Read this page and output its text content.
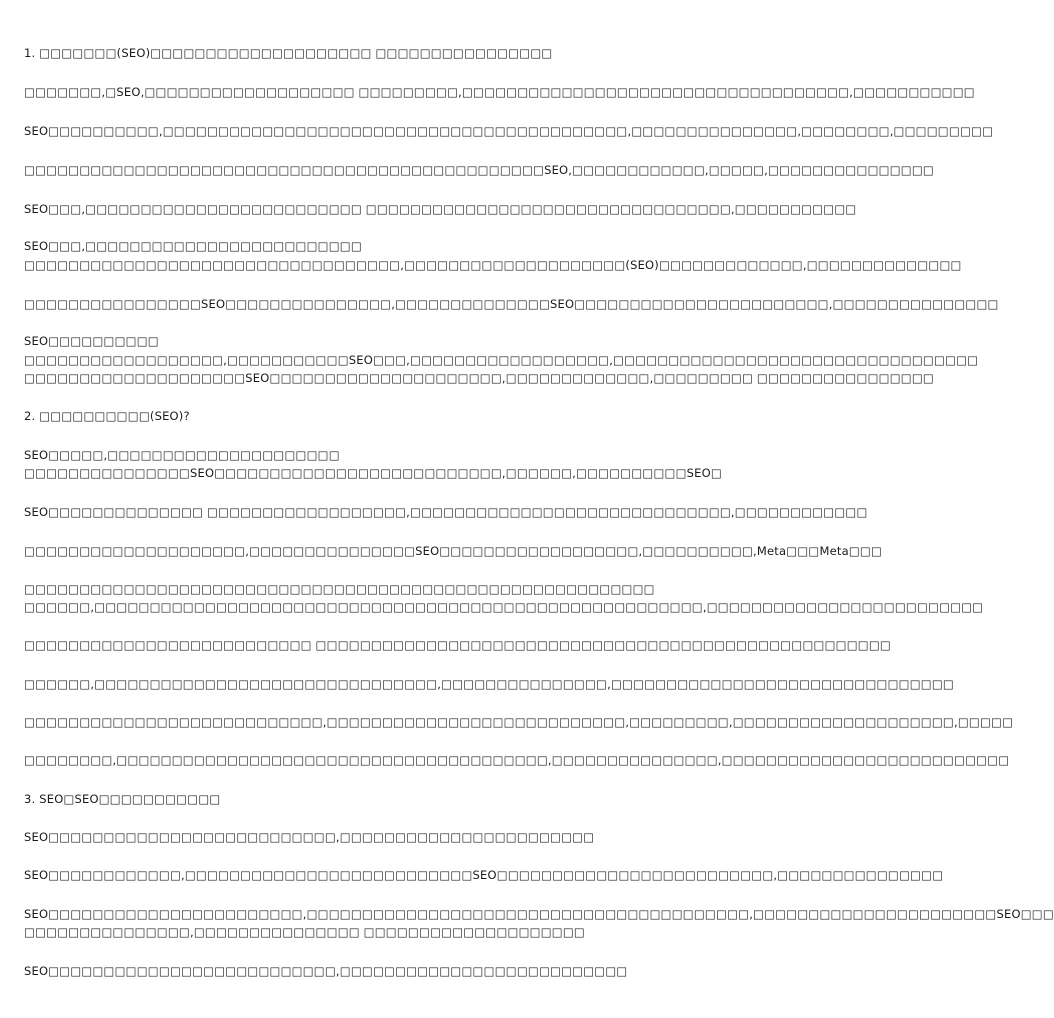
1. □□□□□□□(SEO)□□□□□□□□□□□□□□□□□□□□ □□□□□□□□□□□□□□□□
□□□□□□□,□SEO,□□□□□□□□□□□□□□□□□□□ □□□□□□□□□,□□□□□□□□□□□□□□□□□□□□□□□□□□□□□□□□□□□,□□□□□□□□□□□
SEO□□□□□□□□□□,□□□□□□□□□□□□□□□□□□□□□□□□□□□□□□□□□□□□□□□□□□,□□□□□□□□□□□□□□□,□□□□□□□□,□□□□□□□□□
□□□□□□□□□□□□□□□□□□□□□□□□□□□□□□□□□□□□□□□□□□□□□□□SEO,□□□□□□□□□□□□,□□□□□,□□□□□□□□□□□□□□□
SEO□□□,□□□□□□□□□□□□□□□□□□□□□□□□□ □□□□□□□□□□□□□□□□□□□□□□□□□□□□□□□□□,□□□□□□□□□□□
SEO□□□,□□□□□□□□□□□□□□□□□□□□□□□□□
□□□□□□□□□□□□□□□□□□□□□□□□□□□□□□□□□□,□□□□□□□□□□□□□□□□□□□□(SEO)□□□□□□□□□□□□□,□□□□□□□□□□□□□□
□□□□□□□□□□□□□□□□SEO□□□□□□□□□□□□□□□,□□□□□□□□□□□□□□SEO□□□□□□□□□□□□□□□□□□□□□□□,□□□□□□□□□□□□□□□
SEO□□□□□□□□□□
□□□□□□□□□□□□□□□□□□,□□□□□□□□□□□SEO□□□,□□□□□□□□□□□□□□□□□□,□□□□□□□□□□□□□□□□□□□□□□□□□□□□□□□□□
□□□□□□□□□□□□□□□□□□□□SEO□□□□□□□□□□□□□□□□□□□□□,□□□□□□□□□□□□□,□□□□□□□□□ □□□□□□□□□□□□□□□□
2. □□□□□□□□□□(SEO)?
SEO□□□□□,□□□□□□□□□□□□□□□□□□□□□
□□□□□□□□□□□□□□□SEO□□□□□□□□□□□□□□□□□□□□□□□□□□,□□□□□□,□□□□□□□□□□SEO□
SEO□□□□□□□□□□□□□□ □□□□□□□□□□□□□□□□□□,□□□□□□□□□□□□□□□□□□□□□□□□□□□□□,□□□□□□□□□□□□
□□□□□□□□□□□□□□□□□□□□,□□□□□□□□□□□□□□□SEO□□□□□□□□□□□□□□□□□□,□□□□□□□□□□,Meta□□□Meta□□□
□□□□□□□□□□□□□□□□□□□□□□□□□□□□□□□□□□□□□□□□□□□□□□□□□□□□□□□□□
□□□□□□,□□□□□□□□□□□□□□□□□□□□□□□□□□□□□□□□□□□□□□□□□□□□□□□□□□□□□□□,□□□□□□□□□□□□□□□□□□□□□□□□□
□□□□□□□□□□□□□□□□□□□□□□□□□□ □□□□□□□□□□□□□□□□□□□□□□□□□□□□□□□□□□□□□□□□□□□□□□□□□□□□
□□□□□□,□□□□□□□□□□□□□□□□□□□□□□□□□□□□□□□,□□□□□□□□□□□□□□□,□□□□□□□□□□□□□□□□□□□□□□□□□□□□□□□
□□□□□□□□□□□□□□□□□□□□□□□□□□□,□□□□□□□□□□□□□□□□□□□□□□□□□□□,□□□□□□□□□,□□□□□□□□□□□□□□□□□□□□,□□□□□
□□□□□□□□,□□□□□□□□□□□□□□□□□□□□□□□□□□□□□□□□□□□□□□□,□□□□□□□□□□□□□□□,□□□□□□□□□□□□□□□□□□□□□□□□□□
3. SEO□SEO□□□□□□□□□□□
SEO□□□□□□□□□□□□□□□□□□□□□□□□□□,□□□□□□□□□□□□□□□□□□□□□□□
SEO□□□□□□□□□□□□,□□□□□□□□□□□□□□□□□□□□□□□□□□SEO□□□□□□□□□□□□□□□□□□□□□□□□□,□□□□□□□□□□□□□□□
SEO□□□□□□□□□□□□□□□□□□□□□□□,□□□□□□□□□□□□□□□□□□□□□□□□□□□□□□□□□□□□□□□□,□□□□□□□□□□□□□□□□□□□□□□SEO□□□
□□□□□□□□□□□□□□□,□□□□□□□□□□□□□□□ □□□□□□□□□□□□□□□□□□□□
SEO□□□□□□□□□□□□□□□□□□□□□□□□□□,□□□□□□□□□□□□□□□□□□□□□□□□□□
